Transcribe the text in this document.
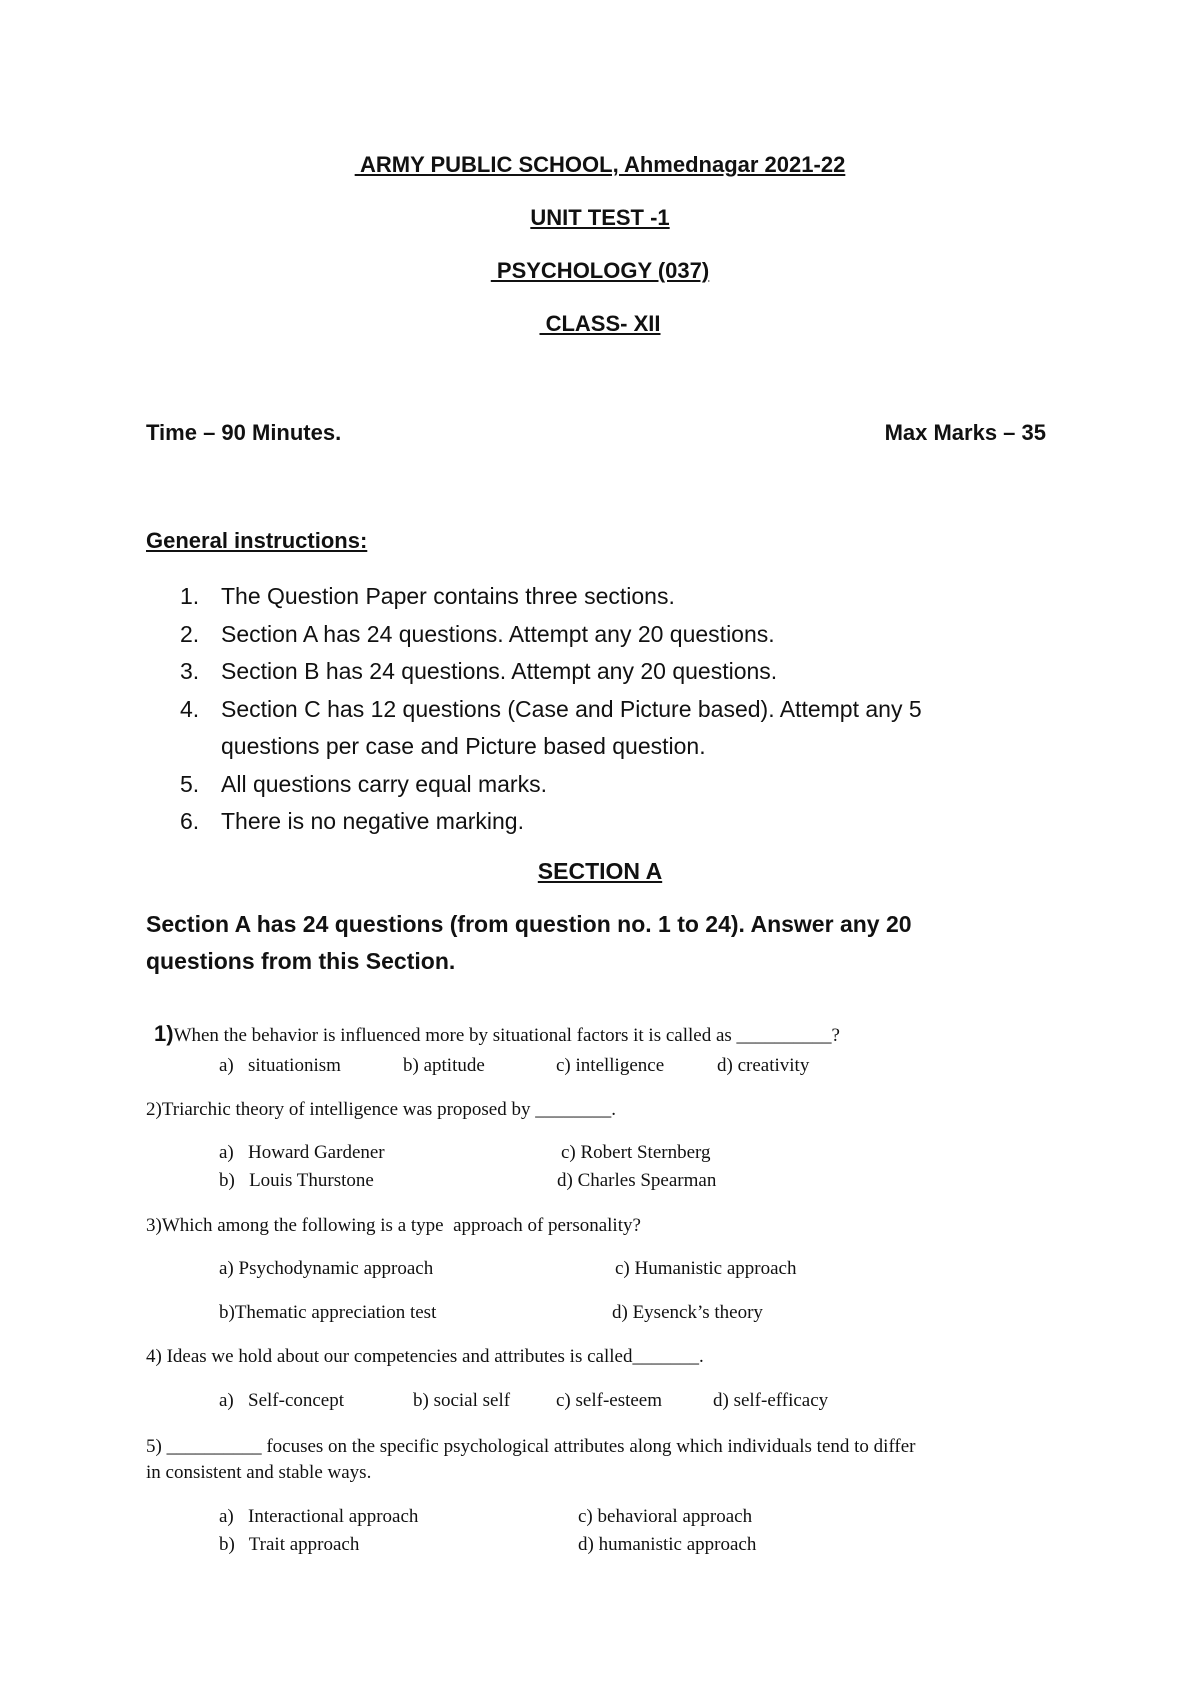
ARMY PUBLIC SCHOOL, Ahmednagar 2021-22
UNIT TEST -1
PSYCHOLOGY (037)
CLASS- XII
Time – 90 Minutes.	Max Marks – 35
General instructions:
1. The Question Paper contains three sections.
2. Section A has 24 questions. Attempt any 20 questions.
3. Section B has 24 questions. Attempt any 20 questions.
4. Section C has 12 questions (Case and Picture based). Attempt any 5
questions per case and Picture based question.
5. All questions carry equal marks.
6. There is no negative marking.
SECTION A
Section A has 24 questions (from question no. 1 to 24). Answer any 20
questions from this Section.

1)When the behavior is influenced more by situational factors it is called as __________?

a)   situationism	b) aptitude	c) intelligence	d) creativity
2)Triarchic theory of intelligence was proposed by ________.
a)   Howard Gardener	c) Robert Sternberg
b)   Louis Thurstone	d) Charles Spearman
3)Which among the following is a type  approach of personality?
a) Psychodynamic approach	c) Humanistic approach
b)Thematic appreciation test	d) Eysenck’s theory
4) Ideas we hold about our competencies and attributes is called_______.
a)   Self-concept	b) social self c) self-esteem	d) self-efficacy
5) __________ focuses on the specific psychological attributes along which individuals tend to differ
in consistent and stable ways.
a)   Interactional approach	c) behavioral approach
b)   Trait approach	d) humanistic approach
